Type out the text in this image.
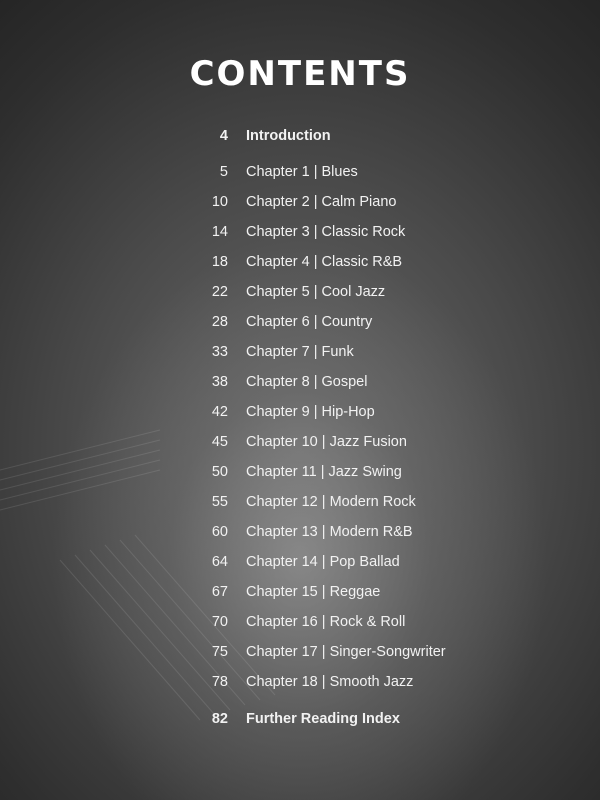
CONTENTS
4 Introduction
5 Chapter 1 | Blues
10 Chapter 2 | Calm Piano
14 Chapter 3 | Classic Rock
18 Chapter 4 | Classic R&B
22 Chapter 5 | Cool Jazz
28 Chapter 6 | Country
33 Chapter 7 | Funk
38 Chapter 8 | Gospel
42 Chapter 9 | Hip-Hop
45 Chapter 10 | Jazz Fusion
50 Chapter 11 | Jazz Swing
55 Chapter 12 | Modern Rock
60 Chapter 13 | Modern R&B
64 Chapter 14 | Pop Ballad
67 Chapter 15 | Reggae
70 Chapter 16 | Rock & Roll
75 Chapter 17 | Singer-Songwriter
78 Chapter 18 | Smooth Jazz
82 Further Reading Index
